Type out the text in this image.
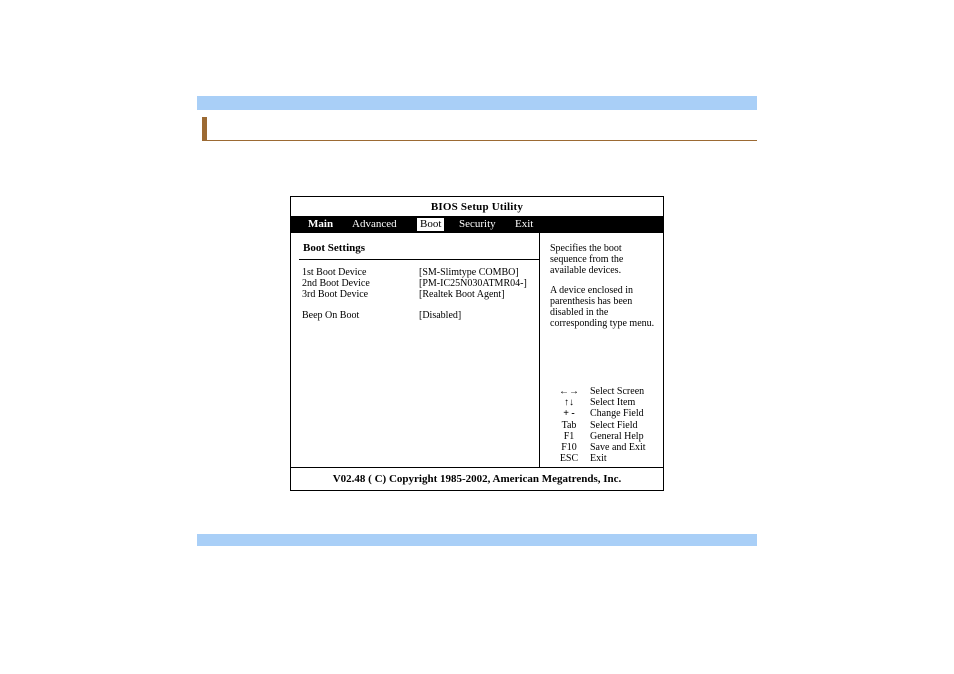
BIOS Setup Utility
Main Advanced Boot Security Exit
Boot Settings
1st Boot Device	[SM-Slimtype COMBO]
2nd Boot Device	[PM-IC25N030ATMR04-]
3rd Boot Device	[Realtek Boot Agent]
Beep On Boot	[Disabled]

Specifies the boot sequence from the available devices.

A device enclosed in parenthesis has been disabled in the corresponding type menu.

←→	Select Screen
↑↓	Select Item
+ -	Change Field
Tab	Select Field
F1	General Help
F10	Save and Exit
ESC	Exit
V02.48 ( C) Copyright 1985-2002, American Megatrends, Inc.
